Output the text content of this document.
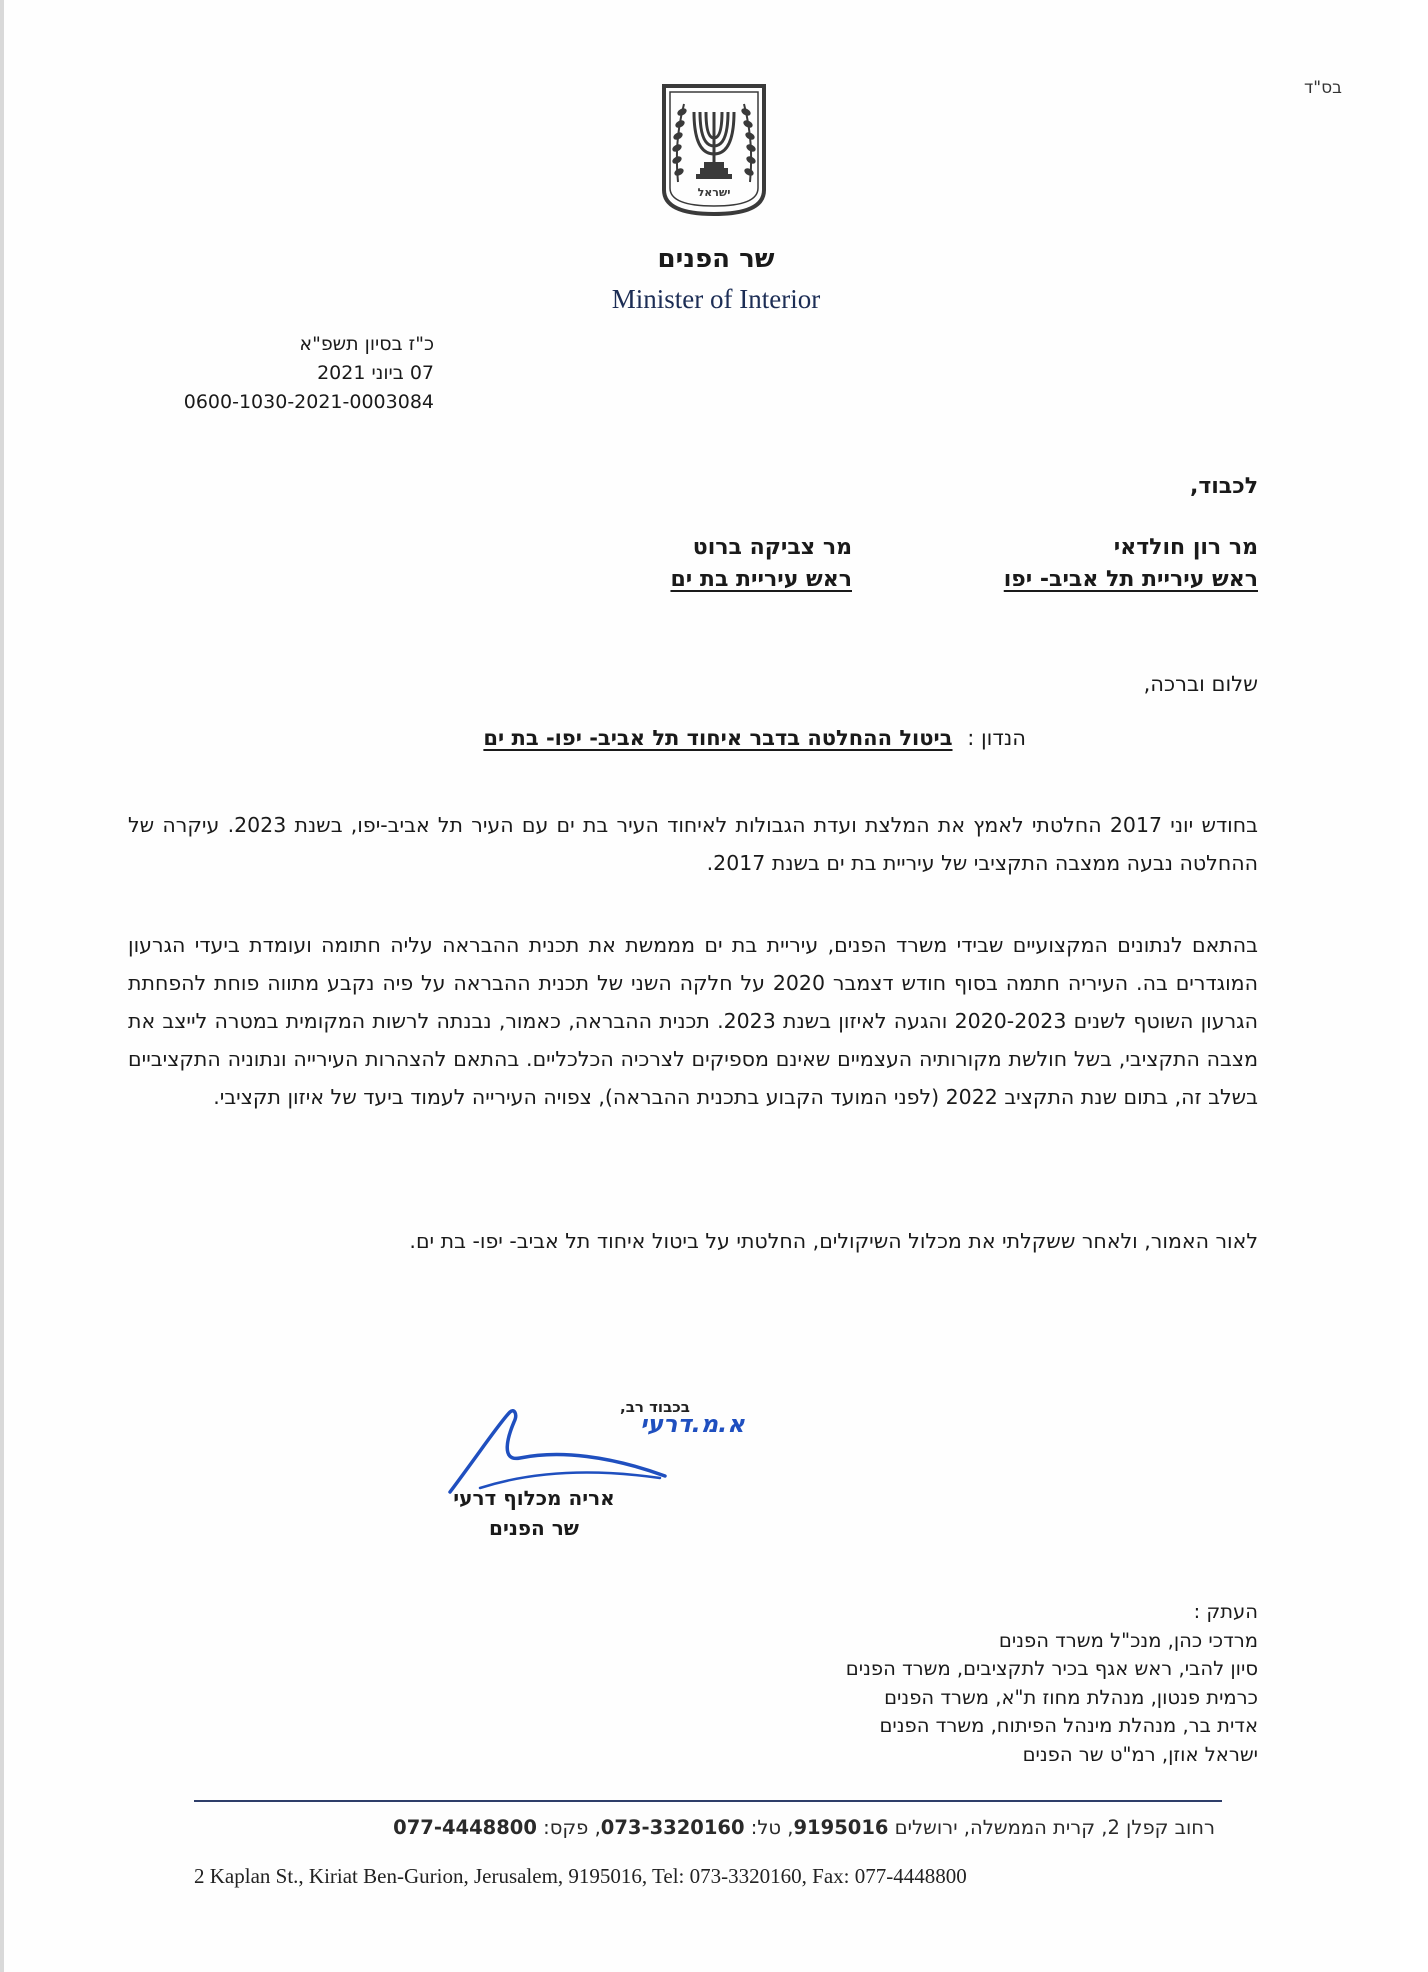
בס"ד
ישראל
שר הפנים
Minister of Interior
כ"ז בסיון תשפ"א
07 ביוני 2021
0600-1030-2021-0003084
לכבוד,
מר רון חולדאי
ראש עיריית תל אביב- יפו
מר צביקה ברוט
ראש עיריית בת ים
שלום וברכה,
הנדון : ביטול ההחלטה בדבר איחוד תל אביב- יפו- בת ים

בחודש יוני 2017 החלטתי לאמץ את המלצת ועדת הגבולות לאיחוד העיר בת ים עם העיר תל אביב-יפו, בשנת 2023. עיקרה של ההחלטה נבעה ממצבה התקציבי של עיריית בת ים בשנת 2017.

בהתאם לנתונים המקצועיים שבידי משרד הפנים, עיריית בת ים מממשת את תכנית ההבראה עליה חתומה ועומדת ביעדי הגרעון המוגדרים בה. העיריה חתמה בסוף חודש דצמבר 2020 על חלקה השני של תכנית ההבראה על פיה נקבע מתווה פוחת להפחתת הגרעון השוטף לשנים 2020-2023 והגעה לאיזון בשנת 2023. תכנית ההבראה, כאמור, נבנתה לרשות המקומית במטרה לייצב את מצבה התקציבי, בשל חולשת מקורותיה העצמיים שאינם מספיקים לצרכיה הכלכליים. בהתאם להצהרות העירייה ונתוניה התקציביים בשלב זה, בתום שנת התקציב 2022 (לפני המועד הקבוע בתכנית ההבראה), צפויה העירייה לעמוד ביעד של איזון תקציבי.

לאור האמור, ולאחר ששקלתי את מכלול השיקולים, החלטתי על ביטול איחוד תל אביב- יפו- בת ים.

א.מ.דרעי
בכבוד רב,
אריה מכלוף דרעי
שר הפנים
העתק :
מרדכי כהן, מנכ"ל משרד הפנים
סיון להבי, ראש אגף בכיר לתקציבים, משרד הפנים
כרמית פנטון, מנהלת מחוז ת"א, משרד הפנים
אדית בר, מנהלת מינהל הפיתוח, משרד הפנים
ישראל אוזן, רמ"ט שר הפנים
רחוב קפלן 2, קרית הממשלה, ירושלים 9195016, טל: 073-3320160, פקס: 077-4448800
2 Kaplan St., Kiriat Ben-Gurion, Jerusalem, 9195016, Tel: 073-3320160, Fax: 077-4448800
